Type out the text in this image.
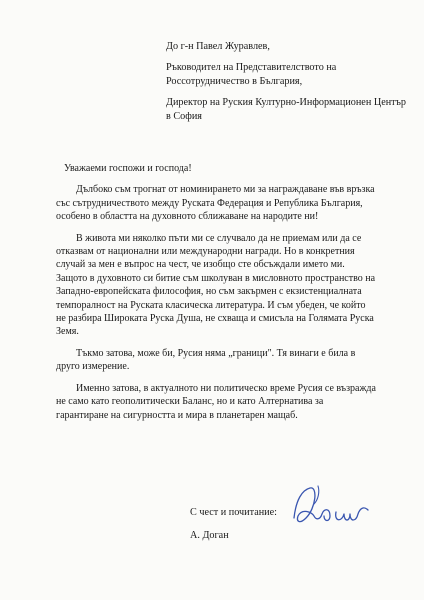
До г-н Павел Журавлев,

Ръководител на Представителството на Россотрудничество в България,

Директор на Руския Културно-Информационен Център в София

Уважаеми госпожи и господа!

Дълбоко съм трогнат от номинирането ми за награждаване във връзка със сътрудничеството между Руската Федерация и Република България, особено в областта на духовното сближаване на народите ни!

В живота ми няколко пъти ми се случвало да не приемам или да се отказвам от национални или международни награди. Но в конкретния случай за мен е въпрос на чест, че изобщо сте обсъждали името ми. Защото в духовното си битие съм школуван в мисловното пространство на Западно-европейската философия, но съм закърмен с екзистенциалната темпоралност на Руската класическа литература. И съм убеден, че който не разбира Широката Руска Душа, не схваща и смисъла на Голямата Руска Земя.

Тъкмо затова, може би, Русия няма „граници". Тя винаги е била в друго измерение.

Именно затова, в актуалното ни политическо време Русия се възражда не само като геополитически Баланс, но и като Алтернатива за гарантиране на сигурността и мира в планетарен мащаб.

С чест и почитание:
А. Доган
